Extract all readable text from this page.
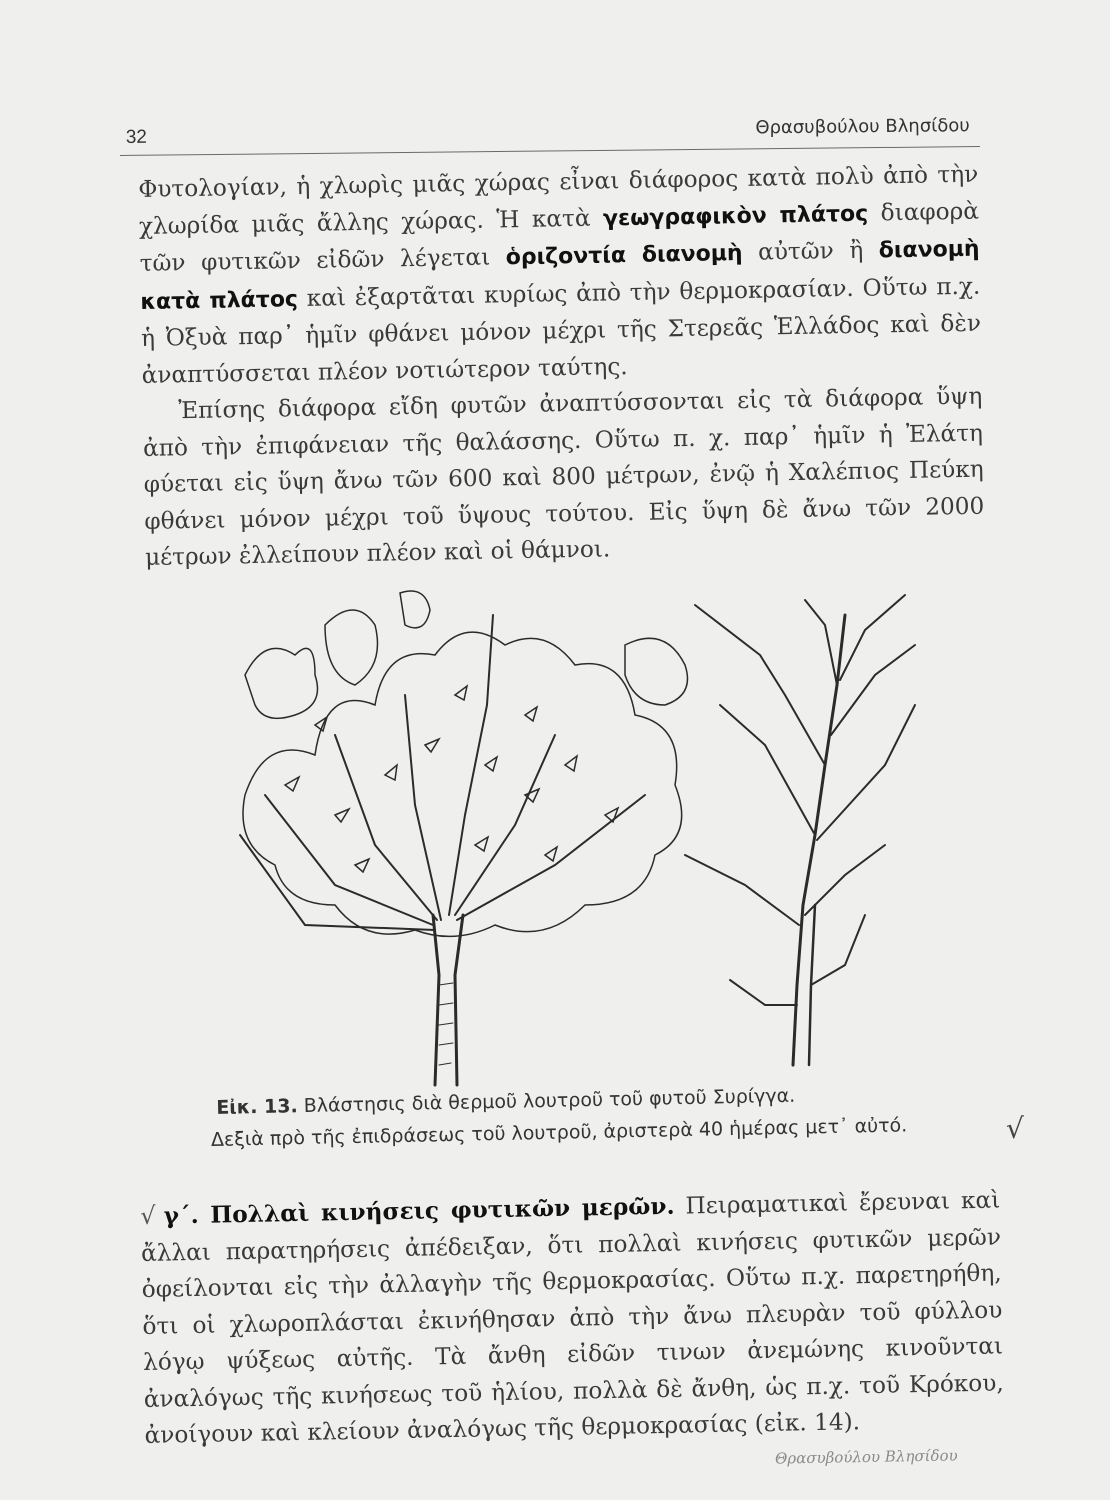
32	Θρασυβούλου Βλησίδου

Φυτολογίαν, ἡ χλωρὶς μιᾶς χώρας εἶναι διάφορος κατὰ πολὺ ἀπὸ τὴν χλωρίδα μιᾶς ἄλλης χώρας. Ἡ κατὰ γεωγραφικὸν πλάτος διαφορὰ τῶν φυτικῶν εἰδῶν λέγεται ὁριζοντία διανομὴ αὐτῶν ἢ διανομὴ κατὰ πλάτος καὶ ἐξαρτᾶται κυρίως ἀπὸ τὴν θερμοκρασίαν. Οὕτω π.χ. ἡ Ὀξυὰ παρ᾿ ἡμῖν φθάνει μόνον μέχρι τῆς Στερεᾶς Ἑλλάδος καὶ δὲν ἀναπτύσσεται πλέον νοτιώτερον ταύτης.

Ἐπίσης διάφορα εἴδη φυτῶν ἀναπτύσσονται εἰς τὰ διάφορα ὕψη ἀπὸ τὴν ἐπιφάνειαν τῆς θαλάσσης. Οὕτω π. χ. παρ᾿ ἡμῖν ἡ Ἐλάτη φύεται εἰς ὕψη ἄνω τῶν 600 καὶ 800 μέτρων, ἐνῷ ἡ Χαλέπιος Πεύκη φθάνει μόνον μέχρι τοῦ ὕψους τούτου. Εἰς ὕψη δὲ ἄνω τῶν 2000 μέτρων ἐλλείπουν πλέον καὶ οἱ θάμνοι.

Εἰκ. 13. Βλάστησις διὰ θερμοῦ λουτροῦ τοῦ φυτοῦ Συρίγγα.
Δεξιὰ πρὸ τῆς ἐπιδράσεως τοῦ λουτροῦ, ἀριστερὰ 40 ἡμέρας μετ᾿ αὐτό.	√
√ γ΄. Πολλαὶ κινήσεις φυτικῶν μερῶν. Πειραματικαὶ ἔρευναι καὶ ἄλλαι παρατηρήσεις ἀπέδειξαν, ὅτι πολλαὶ κινήσεις φυτικῶν μερῶν ὀφείλονται εἰς τὴν ἀλλαγὴν τῆς θερμοκρασίας. Οὕτω π.χ. παρετηρήθη, ὅτι οἱ χλωροπλάσται ἐκινήθησαν ἀπὸ τὴν ἄνω πλευρὰν τοῦ φύλλου λόγῳ ψύξεως αὐτῆς. Τὰ ἄνθη εἰδῶν τινων ἀνεμώνης κινοῦνται ἀναλόγως τῆς κινήσεως τοῦ ἡλίου, πολλὰ δὲ ἄνθη, ὡς π.χ. τοῦ Κρόκου, ἀνοίγουν καὶ κλείουν ἀναλόγως τῆς θερμοκρασίας (εἰκ. 14).
Θρασυβούλου Βλησίδου
